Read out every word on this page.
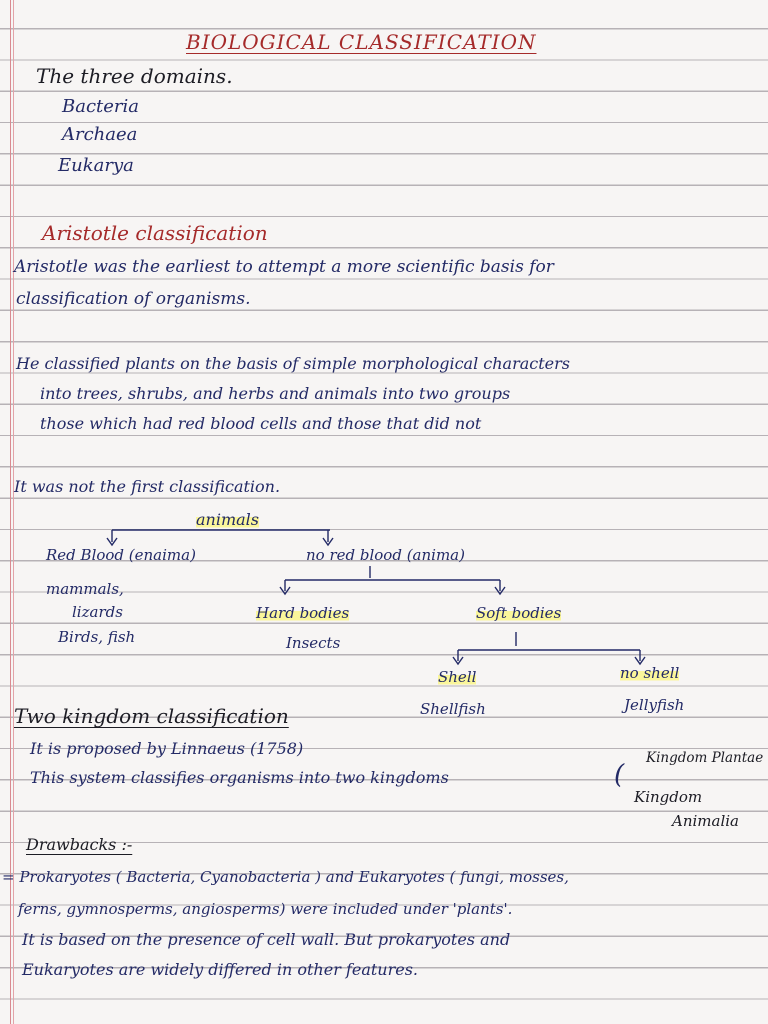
BIOLOGICAL CLASSIFICATION
The three domains.
Bacteria
Archaea
Eukarya
Aristotle classification
Aristotle was the earliest to attempt a more scientific basis for
classification of organisms.
He classified plants on the basis of simple morphological characters
into trees, shrubs, and herbs and animals into two groups
those which had red blood cells and those that did not
It was not the first classification.
animals
Red Blood (enaima)	no red blood (anima)
mammals,
lizards
Birds, fish
Hard bodies
Insects
Soft bodies
Shell
Shellfish
no shell
Jellyfish
Two kingdom classification
It is proposed by Linnaeus (1758)
This system classifies organisms into two kingdoms	(
Kingdom Plantae
Kingdom
Animalia
Drawbacks :-
= Prokaryotes ( Bacteria, Cyanobacteria ) and Eukaryotes ( fungi, mosses,
ferns, gymnosperms, angiosperms) were included under 'plants'.
It is based on the presence of cell wall. But prokaryotes and
Eukaryotes are widely differed in other features.
